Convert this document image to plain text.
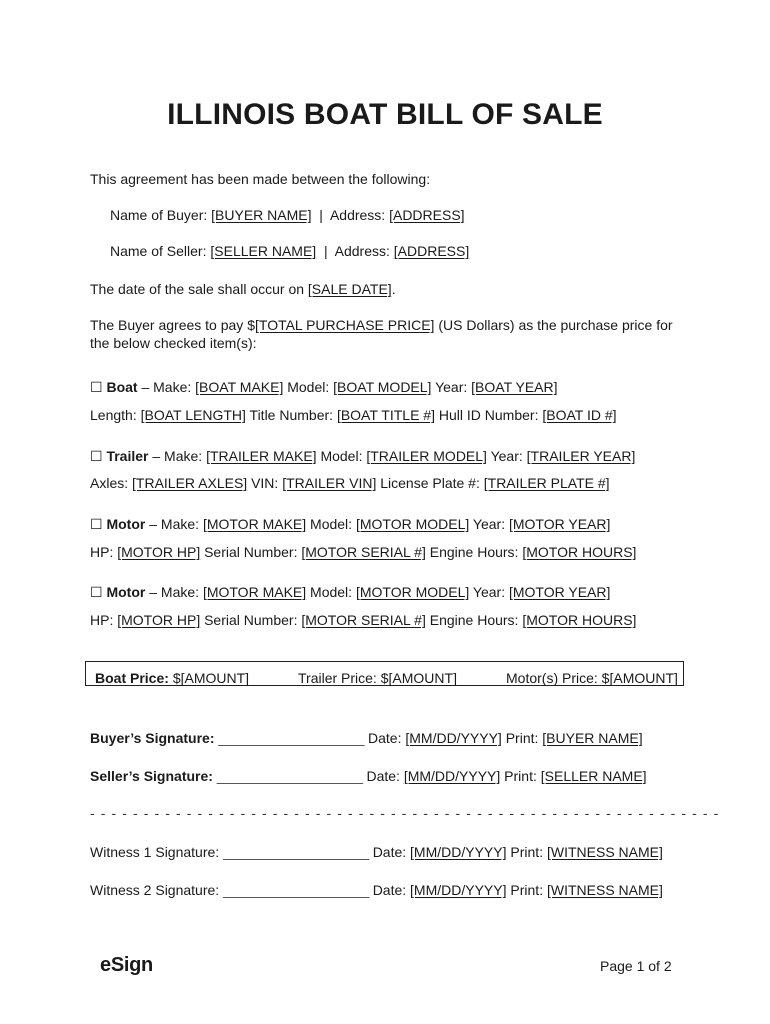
ILLINOIS BOAT BILL OF SALE
This agreement has been made between the following:
Name of Buyer: [BUYER NAME] | Address: [ADDRESS]
Name of Seller: [SELLER NAME] | Address: [ADDRESS]
The date of the sale shall occur on [SALE DATE].
The Buyer agrees to pay $[TOTAL PURCHASE PRICE] (US Dollars) as the purchase price for the below checked item(s):
☐ Boat – Make: [BOAT MAKE] Model: [BOAT MODEL] Year: [BOAT YEAR]
Length: [BOAT LENGTH] Title Number: [BOAT TITLE #] Hull ID Number: [BOAT ID #]
☐ Trailer – Make: [TRAILER MAKE] Model: [TRAILER MODEL] Year: [TRAILER YEAR]
Axles: [TRAILER AXLES] VIN: [TRAILER VIN] License Plate #: [TRAILER PLATE #]
☐ Motor – Make: [MOTOR MAKE] Model: [MOTOR MODEL] Year: [MOTOR YEAR]
HP: [MOTOR HP] Serial Number: [MOTOR SERIAL #] Engine Hours: [MOTOR HOURS]
☐ Motor – Make: [MOTOR MAKE] Model: [MOTOR MODEL] Year: [MOTOR YEAR]
HP: [MOTOR HP] Serial Number: [MOTOR SERIAL #] Engine Hours: [MOTOR HOURS]
Boat Price: $[AMOUNT]	Trailer Price: $[AMOUNT]	Motor(s) Price: $[AMOUNT]
Buyer’s Signature: ____________________ Date: [MM/DD/YYYY] Print: [BUYER NAME]
Seller’s Signature: ____________________ Date: [MM/DD/YYYY] Print: [SELLER NAME]
- - - - - - - - - - - - - - - - - - - - - - - - - - - - - - - - - - - - - - - - - - - - - - - - - - - - - - - - - - -
Witness 1 Signature: ____________________ Date: [MM/DD/YYYY] Print: [WITNESS NAME]
Witness 2 Signature: ____________________ Date: [MM/DD/YYYY] Print: [WITNESS NAME]
eSign	Page 1 of 2
